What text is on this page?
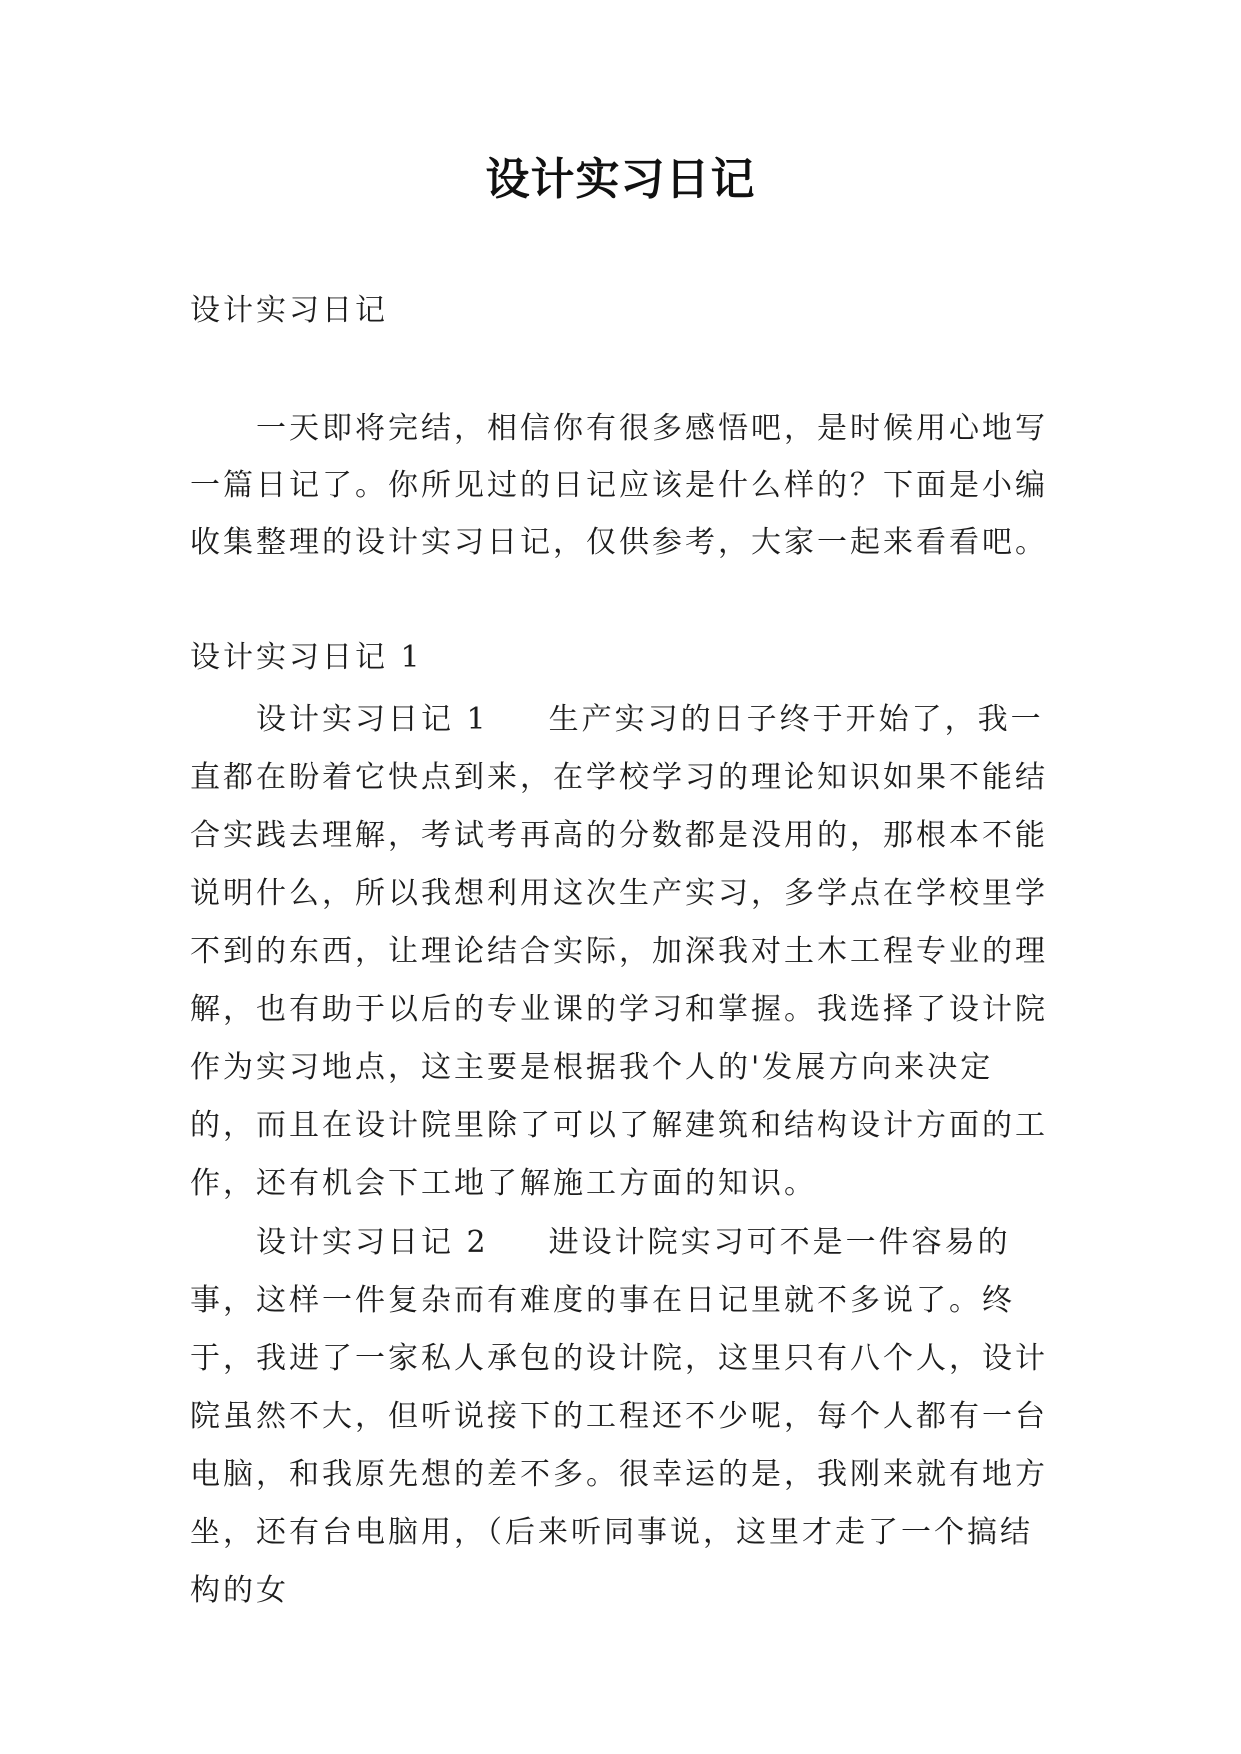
设计实习日记
设计实习日记
一天即将完结，相信你有很多感悟吧，是时候用心地写一篇日记了。你所见过的日记应该是什么样的？下面是小编收集整理的设计实习日记，仅供参考，大家一起来看看吧。
设计实习日记 1
设计实习日记 1 生产实习的日子终于开始了，我一直都在盼着它快点到来，在学校学习的理论知识如果不能结合实践去理解，考试考再高的分数都是没用的，那根本不能说明什么，所以我想利用这次生产实习，多学点在学校里学不到的东西，让理论结合实际，加深我对土木工程专业的理解，也有助于以后的专业课的学习和掌握。我选择了设计院作为实习地点，这主要是根据我个人的'发展方向来决定的，而且在设计院里除了可以了解建筑和结构设计方面的工作，还有机会下工地了解施工方面的知识。
设计实习日记 2 进设计院实习可不是一件容易的事，这样一件复杂而有难度的事在日记里就不多说了。终于，我进了一家私人承包的设计院，这里只有八个人，设计院虽然不大，但听说接下的工程还不少呢，每个人都有一台电脑，和我原先想的差不多。很幸运的是，我刚来就有地方坐，还有台电脑用，（后来听同事说，这里才走了一个搞结构的女
